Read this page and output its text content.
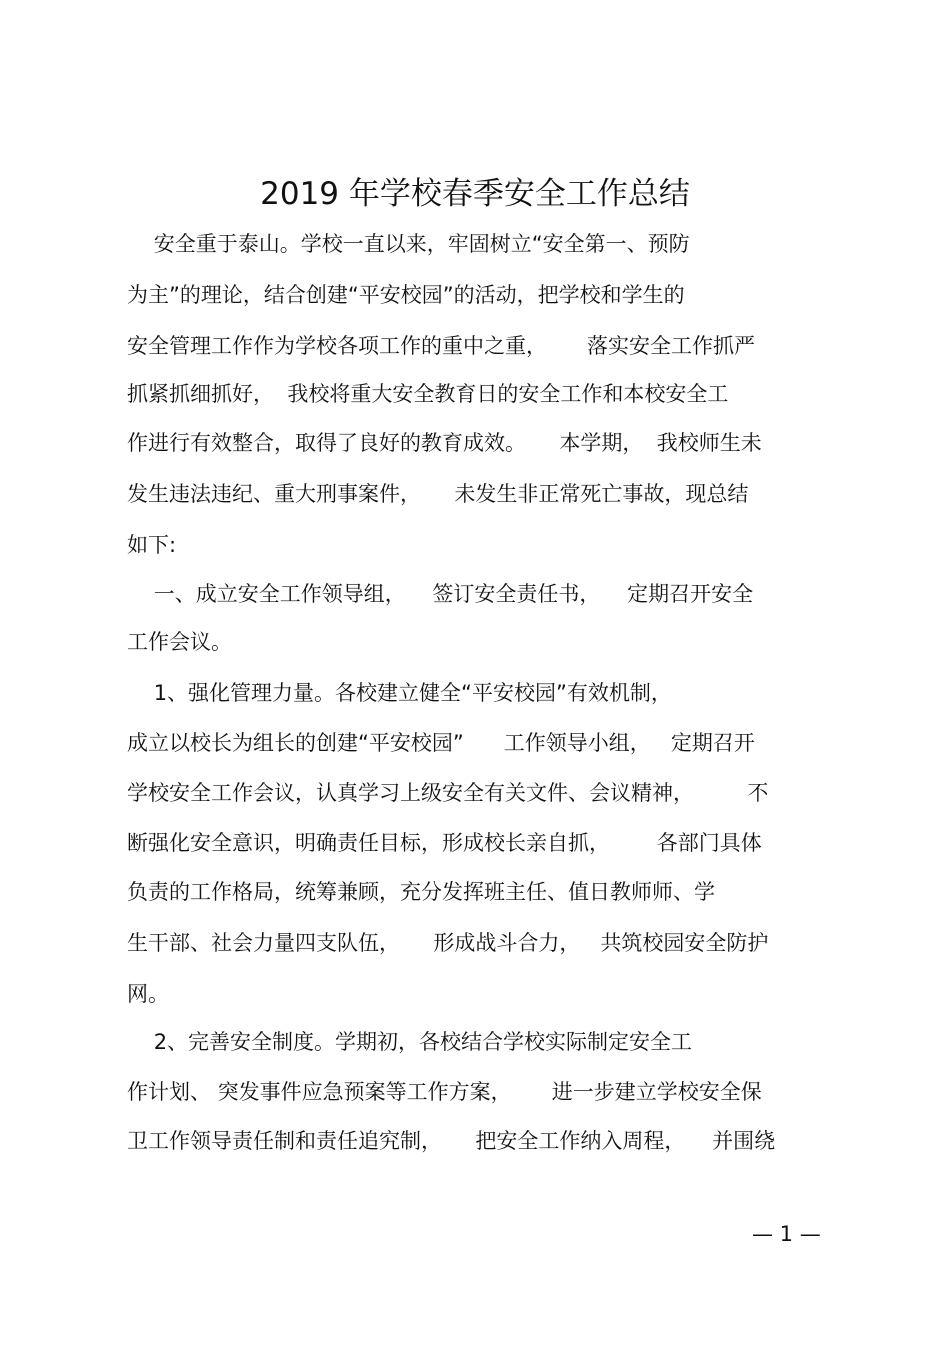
2019 年学校春季安全工作总结
安全重于泰山。学校一直以来，牢固树立“安全第一、预防
为主”的理论，结合创建“平安校园”的活动，把学校和学生的
安全管理工作作为学校各项工作的重中之重，      落实安全工作抓严
抓紧抓细抓好，  我校将重大安全教育日的安全工作和本校安全工
作进行有效整合，取得了良好的教育成效。     本学期，  我校师生未
发生违法违纪、重大刑事案件，     未发生非正常死亡事故，现总结
如下:
一、成立安全工作领导组，    签订安全责任书，    定期召开安全
工作会议。
1、强化管理力量。各校建立健全“平安校园”有效机制，
成立以校长为组长的创建“平安校园”      工作领导小组，   定期召开
学校安全工作会议，认真学习上级安全有关文件、会议精神，        不
断强化安全意识，明确责任目标，形成校长亲自抓，       各部门具体
负责的工作格局，统筹兼顾，充分发挥班主任、值日教师师、学
生干部、社会力量四支队伍，     形成战斗合力，   共筑校园安全防护
网。
2、完善安全制度。学期初，各校结合学校实际制定安全工
作计划、 突发事件应急预案等工作方案，      进一步建立学校安全保
卫工作领导责任制和责任追究制，     把安全工作纳入周程，    并围绕
— 1 —
